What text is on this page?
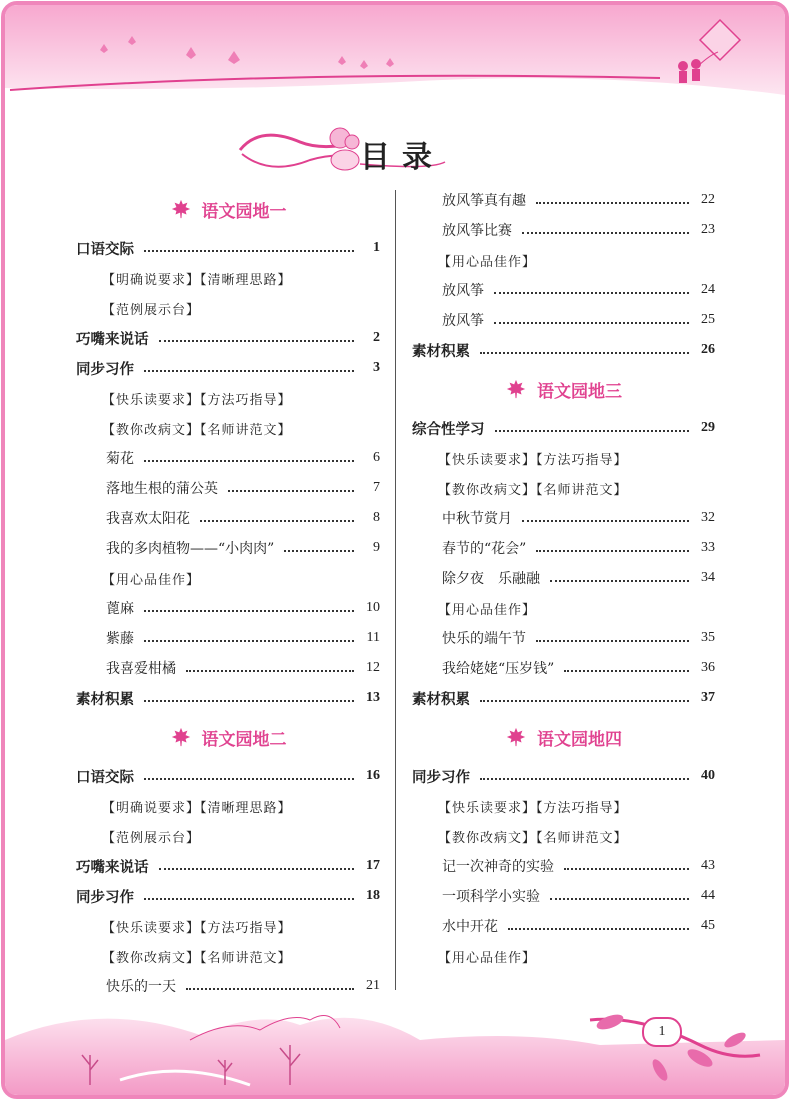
目录
语文园地一
口语交际	1
【明确说要求】【清晰理思路】
【范例展示台】
巧嘴来说话	2
同步习作	3
【快乐读要求】【方法巧指导】
【教你改病文】【名师讲范文】
菊花	6
落地生根的蒲公英	7
我喜欢太阳花	8
我的多肉植物——“小肉肉”	9
【用心品佳作】
蓖麻	10
紫藤	11
我喜爱柑橘	12
素材积累	13
语文园地二
口语交际	16
【明确说要求】【清晰理思路】
【范例展示台】
巧嘴来说话	17
同步习作	18
【快乐读要求】【方法巧指导】
【教你改病文】【名师讲范文】
快乐的一天	21
放风筝真有趣	22
放风筝比赛	23
【用心品佳作】
放风筝	24
放风筝	25
素材积累	26
语文园地三
综合性学习	29
【快乐读要求】【方法巧指导】
【教你改病文】【名师讲范文】
中秋节赏月	32
春节的“花会”	33
除夕夜　乐融融	34
【用心品佳作】
快乐的端午节	35
我给姥姥“压岁钱”	36
素材积累	37
语文园地四
同步习作	40
【快乐读要求】【方法巧指导】
【教你改病文】【名师讲范文】
记一次神奇的实验	43
一项科学小实验	44
水中开花	45
【用心品佳作】
1
